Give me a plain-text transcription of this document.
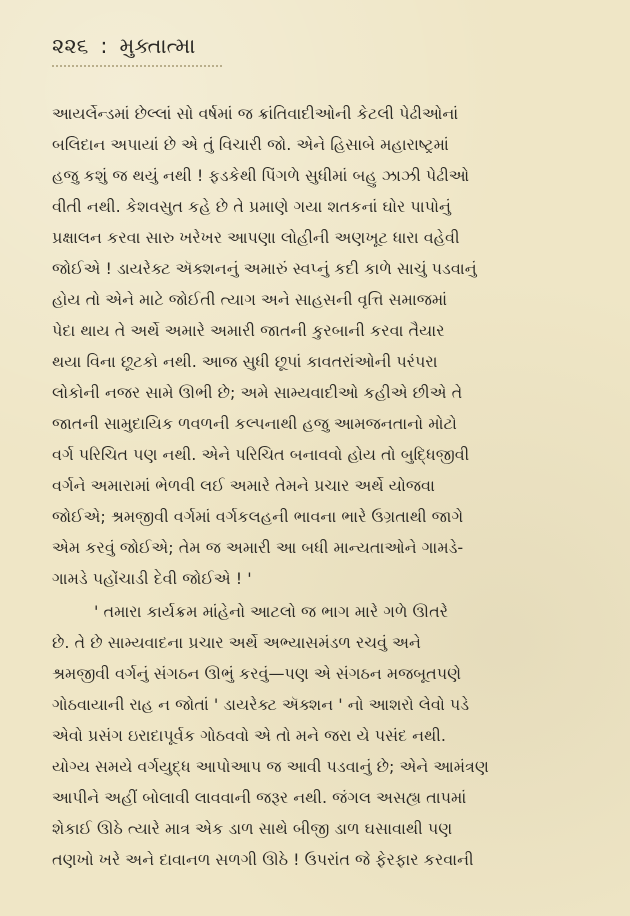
૨૨૬ : મુક્તાત્મા

આયર્લેન્ડમાં છેલ્લાં સો વર્ષમાં જ ક્રાંતિવાદીઓની કેટલી પેઢીઓનાં
બલિદાન અપાયાં છે એ તું વિચારી જો. એને હિસાબે મહારાષ્ટ્રમાં
હજુ કશું જ થયું નથી ! ફડકેથી પિંગળે સુધીમાં બહુ ઝાઝી પેઢીઓ
વીતી નથી. કેશવસુત કહે છે તે પ્રમાણે ગયા શતકનાં ઘોર પાપોનું
પ્રક્ષાલન કરવા સારુ ખરેખર આપણા લોહીની અણખૂટ ધારા વહેવી
જોઈએ ! ડાયરેક્ટ ઍક્શનનું અમારું સ્વપ્નું કદી કાળે સાચું પડવાનું
હોય તો એને માટે જોઈતી ત્યાગ અને સાહસની વૃત્તિ સમાજમાં
પેદા થાય તે અર્થે અમારે અમારી જાતની કુરબાની કરવા તૈયાર
થયા વિના છૂટકો નથી. આજ સુધી છૂપાં કાવતરાંઓની પરંપરા
લોકોની નજર સામે ઊભી છે; અમે સામ્યવાદીઓ કહીએ છીએ તે
જાતની સામુદાયિક ળવળની કલ્પનાથી હજુ આમજનતાનો મોટો
વર્ગ પરિચિત પણ નથી. એને પરિચિત બનાવવો હોય તો બુદ્ધિજીવી
વર્ગને અમારામાં ભેળવી લઈ અમારે તેમને પ્રચાર અર્થે યોજવા
જોઈએ; શ્રમજીવી વર્ગમાં વર્ગકલહની ભાવના ભારે ઉગ્રતાથી જાગે
એમ કરવું જોઈએ; તેમ જ અમારી આ બધી માન્યતાઓને ગામડે-
ગામડે પહોંચાડી દેવી જોઈએ ! '

' તમારા કાર્યક્રમ માંહેનો આટલો જ ભાગ મારે ગળે ઊતરે
છે. તે છે સામ્યવાદના પ્રચાર અર્થે અભ્યાસમંડળ રચવું અને
શ્રમજીવી વર્ગનું સંગઠન ઊભું કરવું—પણ એ સંગઠન મજબૂતપણે
ગોઠવાયાની રાહ ન જોતાં ' ડાયરેક્ટ ઍક્શન ' નો આશરો લેવો પડે
એવો પ્રસંગ ઇરાદાપૂર્વક ગોઠવવો એ તો મને જરા યે પસંદ નથી.
યોગ્ય સમયે વર્ગયુદ્ધ આપોઆપ જ આવી પડવાનું છે; એને આમંત્રણ
આપીને અહીં બોલાવી લાવવાની જરૂર નથી. જંગલ અસહ્ય તાપમાં
શેકાઈ ઊઠે ત્યારે માત્ર એક ડાળ સાથે બીજી ડાળ ઘસાવાથી પણ
તણખો ખરે અને દાવાનળ સળગી ઊઠે ! ઉપરાંત જે ફેરફાર કરવાની
